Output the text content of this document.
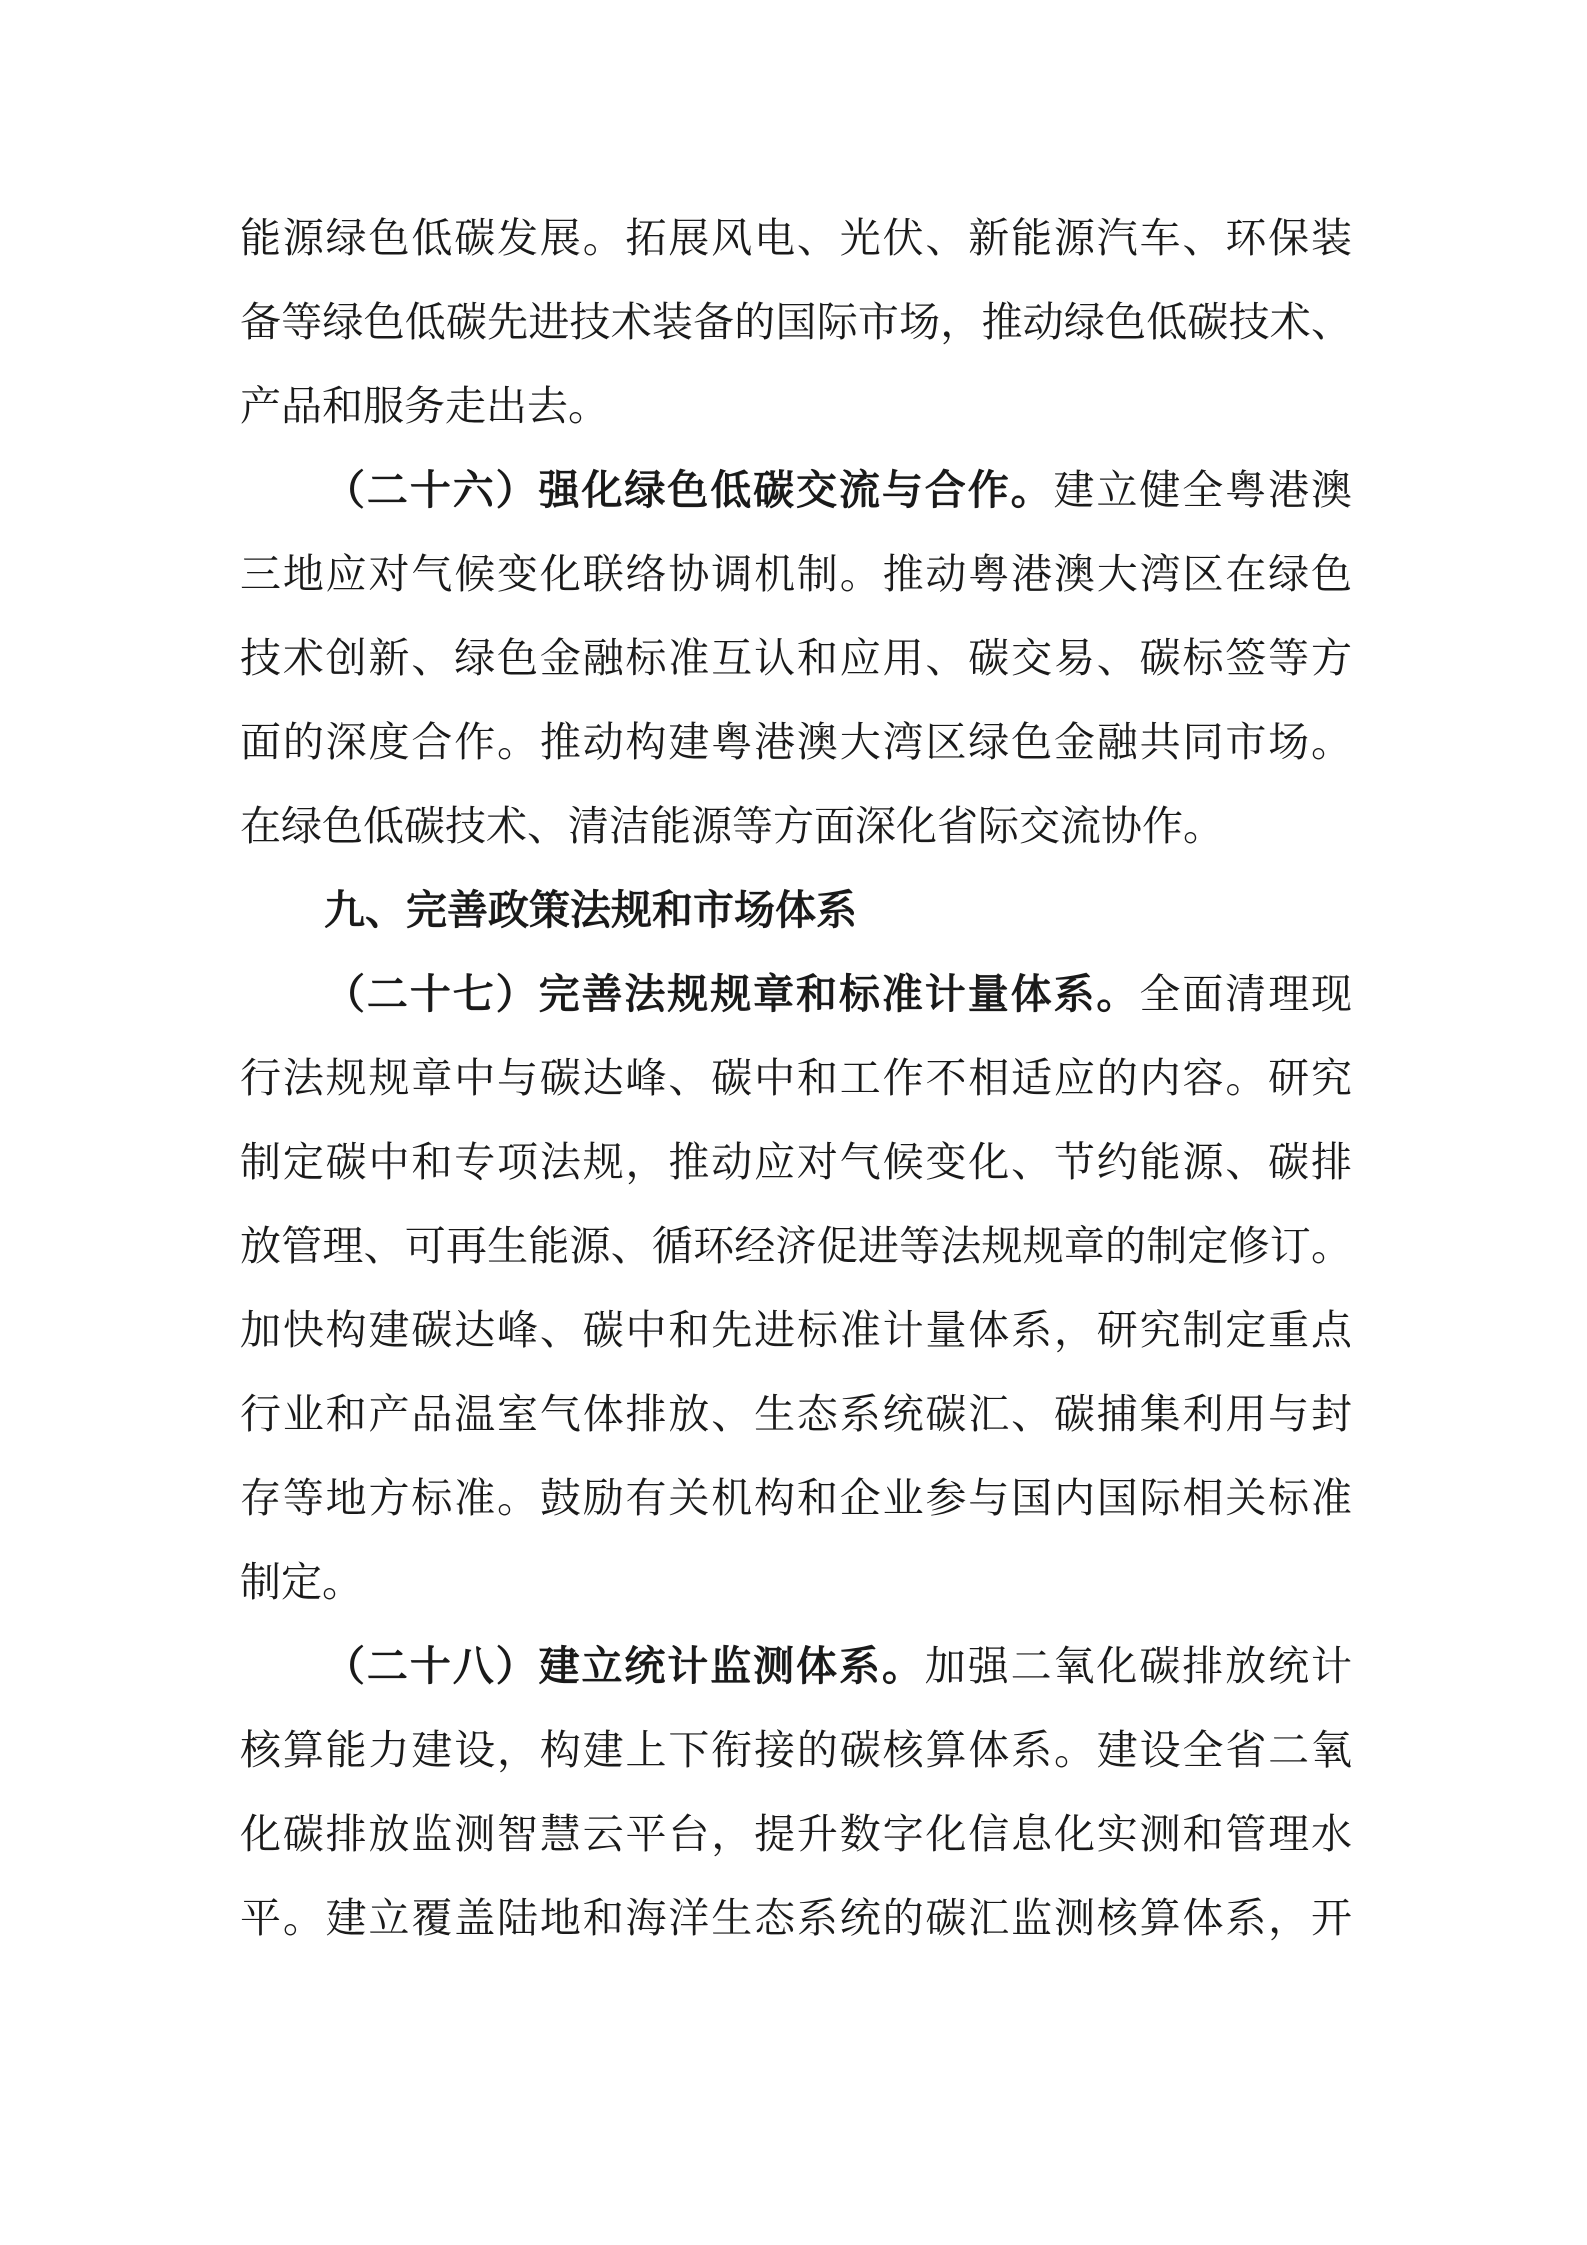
能源绿色低碳发展。拓展风电、光伏、新能源汽车、环保装
备等绿色低碳先进技术装备的国际市场，推动绿色低碳技术、
产品和服务走出去。
（二十六）强化绿色低碳交流与合作。建立健全粤港澳
三地应对气候变化联络协调机制。推动粤港澳大湾区在绿色
技术创新、绿色金融标准互认和应用、碳交易、碳标签等方
面的深度合作。推动构建粤港澳大湾区绿色金融共同市场。
在绿色低碳技术、清洁能源等方面深化省际交流协作。
九、完善政策法规和市场体系
（二十七）完善法规规章和标准计量体系。全面清理现
行法规规章中与碳达峰、碳中和工作不相适应的内容。研究
制定碳中和专项法规，推动应对气候变化、节约能源、碳排
放管理、可再生能源、循环经济促进等法规规章的制定修订。
加快构建碳达峰、碳中和先进标准计量体系，研究制定重点
行业和产品温室气体排放、生态系统碳汇、碳捕集利用与封
存等地方标准。鼓励有关机构和企业参与国内国际相关标准
制定。
（二十八）建立统计监测体系。加强二氧化碳排放统计
核算能力建设，构建上下衔接的碳核算体系。建设全省二氧
化碳排放监测智慧云平台，提升数字化信息化实测和管理水
平。建立覆盖陆地和海洋生态系统的碳汇监测核算体系，开
